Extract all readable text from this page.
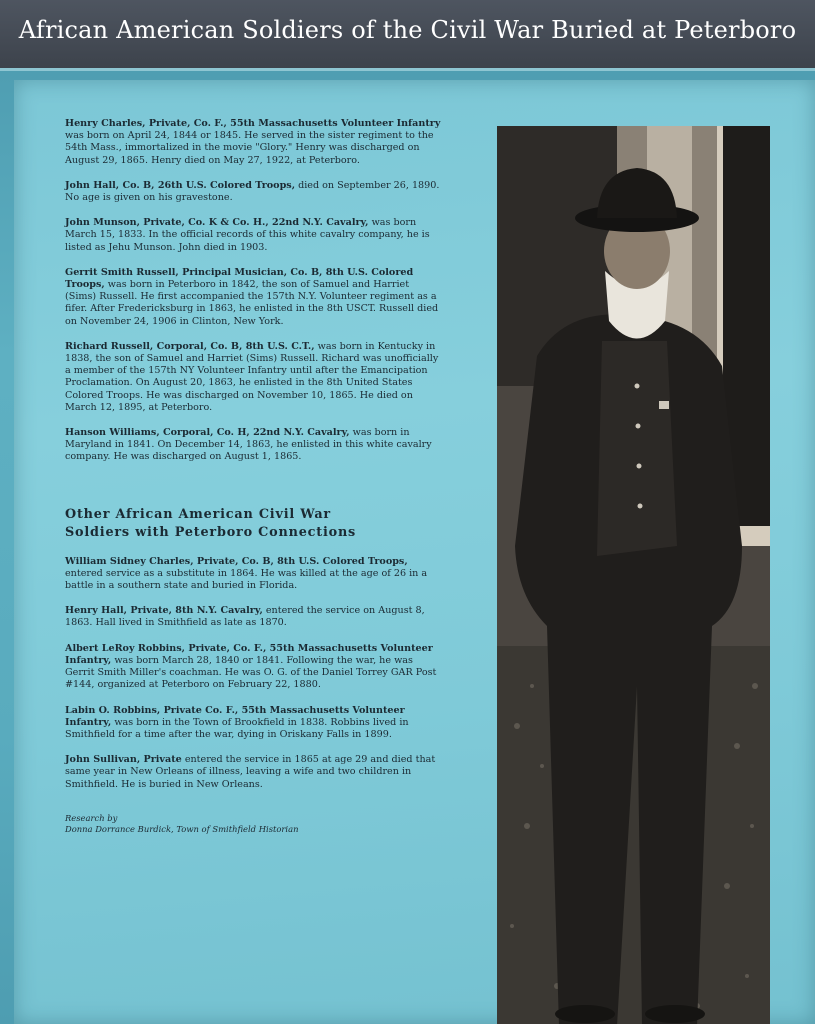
African American Soldiers of the Civil War Buried at Peterboro

Henry Charles, Private, Co. F., 55th Massachusetts Volunteer Infantry was born on April 24, 1844 or 1845. He served in the sister regiment to the 54th Mass., immortalized in the movie "Glory." Henry was discharged on August 29, 1865. Henry died on May 27, 1922, at Peterboro.

John Hall, Co. B, 26th U.S. Colored Troops, died on September 26, 1890. No age is given on his gravestone.

John Munson, Private, Co. K & Co. H., 22nd N.Y. Cavalry, was born March 15, 1833. In the official records of this white cavalry company, he is listed as Jehu Munson. John died in 1903.

Gerrit Smith Russell, Principal Musician, Co. B, 8th U.S. Colored Troops, was born in Peterboro in 1842, the son of Samuel and Harriet (Sims) Russell. He first accompanied the 157th N.Y. Volunteer regiment as a fifer. After Fredericksburg in 1863, he enlisted in the 8th USCT. Russell died on November 24, 1906 in Clinton, New York.

Richard Russell, Corporal, Co. B, 8th U.S. C.T., was born in Kentucky in 1838, the son of Samuel and Harriet (Sims) Russell. Richard was unofficially a member of the 157th NY Volunteer Infantry until after the Emancipation Proclamation. On August 20, 1863, he enlisted in the 8th United States Colored Troops. He was discharged on November 10, 1865. He died on March 12, 1895, at Peterboro.

Hanson Williams, Corporal, Co. H, 22nd N.Y. Cavalry, was born in Maryland in 1841. On December 14, 1863, he enlisted in this white cavalry company. He was discharged on August 1, 1865.

Other African American Civil War
Soldiers with Peterboro Connections

William Sidney Charles, Private, Co. B, 8th U.S. Colored Troops, entered service as a substitute in 1864. He was killed at the age of 26 in a battle in a southern state and buried in Florida.

Henry Hall, Private, 8th N.Y. Cavalry, entered the service on August 8, 1863. Hall lived in Smithfield as late as 1870.

Albert LeRoy Robbins, Private, Co. F., 55th Massachusetts Volunteer Infantry, was born March 28, 1840 or 1841. Following the war, he was Gerrit Smith Miller's coachman. He was O. G. of the Daniel Torrey GAR Post #144, organized at Peterboro on February 22, 1880.

Labin O. Robbins, Private Co. F., 55th Massachusetts Volunteer Infantry, was born in the Town of Brookfield in 1838. Robbins lived in Smithfield for a time after the war, dying in Oriskany Falls in 1899.

John Sullivan, Private entered the service in 1865 at age 29 and died that same year in New Orleans of illness, leaving a wife and two children in Smithfield. He is buried in New Orleans.

Research by
Donna Dorrance Burdick, Town of Smithfield Historian
